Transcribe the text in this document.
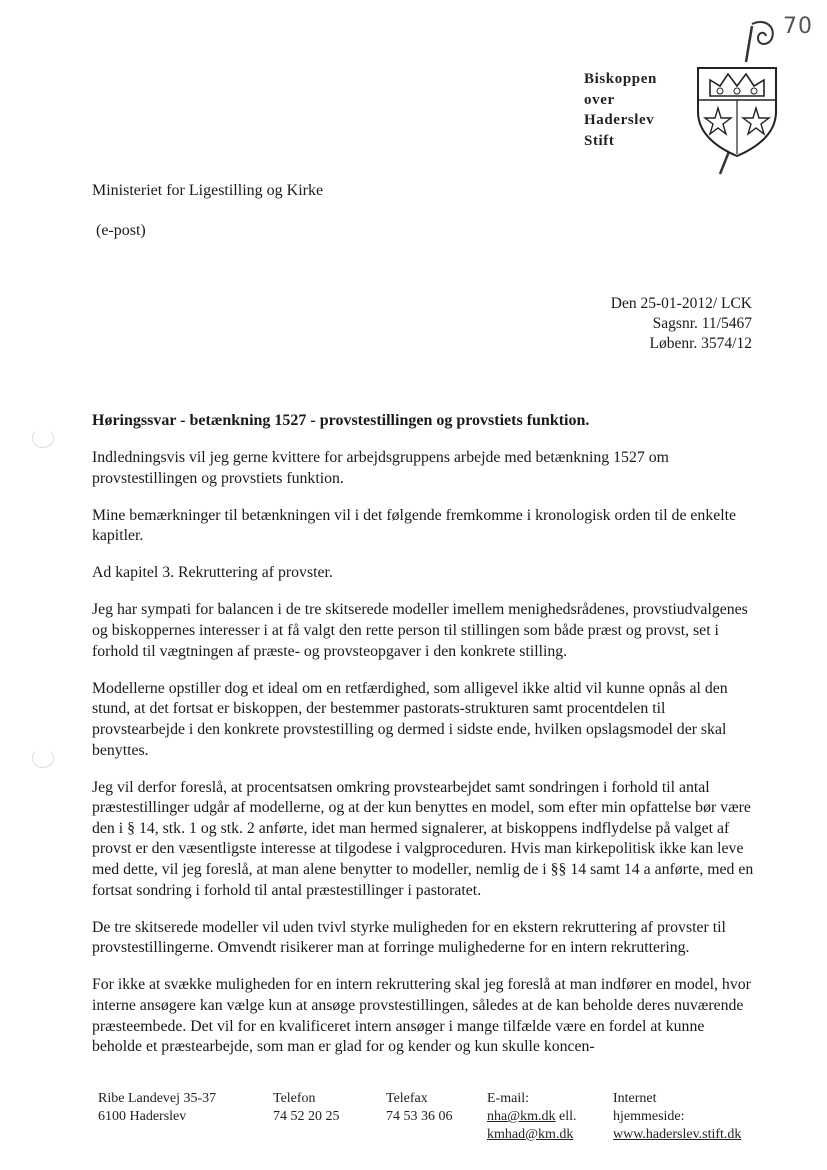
70
Biskoppen
over
Haderslev
Stift
Ministeriet for Ligestilling og Kirke
(e-post)
Den 25-01-2012/ LCK
Sagsnr. 11/5467
Løbenr. 3574/12
Høringssvar - betænkning 1527 - provstestillingen og provstiets funktion.

Indledningsvis vil jeg gerne kvittere for arbejdsgruppens arbejde med betænkning 1527 om provstestillingen og provstiets funktion.

Mine bemærkninger til betænkningen vil i det følgende fremkomme i kronologisk orden til de enkelte kapitler.

Ad kapitel 3. Rekruttering af provster.

Jeg har sympati for balancen i de tre skitserede modeller imellem menighedsrådenes, provstiudvalgenes og biskoppernes interesser i at få valgt den rette person til stillingen som både præst og provst, set i forhold til vægtningen af præste- og provsteopgaver i den konkrete stilling.

Modellerne opstiller dog et ideal om en retfærdighed, som alligevel ikke altid vil kunne opnås al den stund, at det fortsat er biskoppen, der bestemmer pastorats-strukturen samt procentdelen til provstearbejde i den konkrete provstestilling og dermed i sidste ende, hvilken opslagsmodel der skal benyttes.

Jeg vil derfor foreslå, at procentsatsen omkring provstearbejdet samt sondringen i forhold til antal præstestillinger udgår af modellerne, og at der kun benyttes en model, som efter min opfattelse bør være den i § 14, stk. 1 og stk. 2 anførte, idet man hermed signalerer, at biskoppens indflydelse på valget af provst er den væsentligste interesse at tilgodese i valgproceduren. Hvis man kirkepolitisk ikke kan leve med dette, vil jeg foreslå, at man alene benytter to modeller, nemlig de i §§ 14 samt 14 a anførte, med en fortsat sondring i forhold til antal præstestillinger i pastoratet.

De tre skitserede modeller vil uden tvivl styrke muligheden for en ekstern rekruttering af provster til provstestillingerne. Omvendt risikerer man at forringe mulighederne for en intern rekruttering.

For ikke at svække muligheden for en intern rekruttering skal jeg foreslå at man indfører en model, hvor interne ansøgere kan vælge kun at ansøge provstestillingen, således at de kan beholde deres nuværende præsteembede. Det vil for en kvalificeret intern ansøger i mange tilfælde være en fordel at kunne beholde et præstearbejde, som man er glad for og kender og kun skulle koncen-

Ribe Landevej 35-37
6100 Haderslev
Telefon
74 52 20 25
Telefax
74 53 36 06
E-mail:
nha@km.dk ell.
kmhad@km.dk
Internet
hjemmeside:
www.haderslev.stift.dk
